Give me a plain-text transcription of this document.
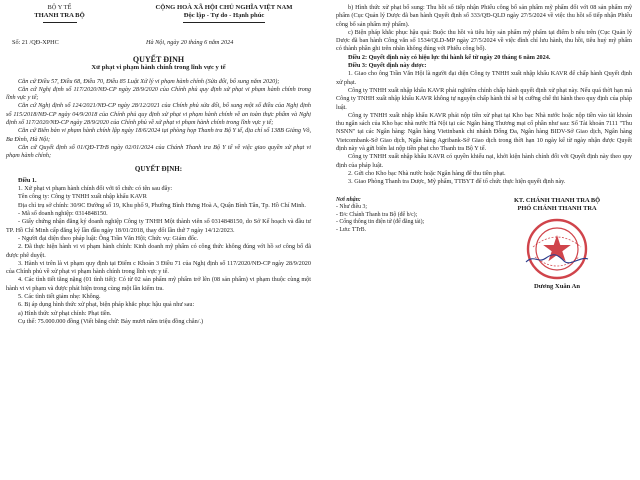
BỘ Y TẾ
THANH TRA BỘ
CỘNG HOÀ XÃ HỘI CHỦ NGHĨA VIỆT NAM
Độc lập - Tự do - Hạnh phúc
Số: 21 /QĐ-XPHC	Hà Nội, ngày 20 tháng 6 năm 2024
QUYẾT ĐỊNH
Xử phạt vi phạm hành chính trong lĩnh vực y tế

Căn cứ Điều 57, Điều 68, Điều 70, Điều 85 Luật Xử lý vi phạm hành chính (Sửa đổi, bổ sung năm 2020);

Căn cứ Nghị định số 117/2020/NĐ-CP ngày 28/9/2020 của Chính phủ quy định xử phạt vi phạm hành chính trong lĩnh vực y tế;

Căn cứ Nghị định số 124/2021/NĐ-CP ngày 28/12/2021 của Chính phủ sửa đổi, bổ sung một số điều của Nghị định số 115/2018/NĐ-CP ngày 04/9/2018 của Chính phủ quy định xử phạt vi phạm hành chính về an toàn thực phẩm và Nghị định số 117/2020/NĐ-CP ngày 28/9/2020 của Chính phủ về xử phạt vi phạm hành chính trong lĩnh vực y tế;

Căn cứ Biên bản vi phạm hành chính lập ngày 18/6/2024 tại phòng họp Thanh tra Bộ Y tế, địa chỉ số 138B Giảng Võ, Ba Đình, Hà Nội;

Căn cứ Quyết định số 01/QĐ-TTrB ngày 02/01/2024 của Chánh Thanh tra Bộ Y tế về việc giao quyền xử phạt vi phạm hành chính;

QUYẾT ĐỊNH:

Điều 1.

1. Xử phạt vi phạm hành chính đối với tổ chức có tên sau đây:

Tên công ty: Công ty TNHH xuất nhập khẩu KAVR

Địa chỉ trụ sở chính: 30/9C Đường số 19, Khu phố 9, Phường Bình Hưng Hoà A, Quận Bình Tân, Tp. Hồ Chí Minh.

- Mã số doanh nghiệp: 0314848150.

- Giấy chứng nhận đăng ký doanh nghiệp Công ty TNHH Một thành viên số 0314848150, do Sở Kế hoạch và đầu tư TP. Hồ Chí Minh cấp đăng ký lần đầu ngày 18/01/2018, thay đổi lần thứ 7 ngày 14/12/2023.

- Người đại diện theo pháp luật: Ông Trần Văn Hội; Chức vụ: Giám đốc.

2. Đã thực hiện hành vi vi phạm hành chính: Kinh doanh mỹ phẩm có công thức không đúng với hồ sơ công bố đã được phê duyệt.

3. Hành vi trên là vi phạm quy định tại Điểm c Khoản 3 Điều 71 của Nghị định số 117/2020/NĐ-CP ngày 28/9/2020 của Chính phủ về xử phạt vi phạm hành chính trong lĩnh vực y tế.

4. Các tình tiết tăng nặng (01 tình tiết): Có từ 02 sản phẩm mỹ phẩm trở lên (08 sản phẩm) vi phạm thuộc cùng một hành vi vi phạm và được phát hiện trong cùng một lần kiểm tra.

5. Các tình tiết giảm nhẹ: Không.

6. Bị áp dụng hình thức xử phạt, biện pháp khắc phục hậu quả như sau:

a) Hình thức xử phạt chính: Phạt tiền.

Cụ thể: 75.000.000 đồng (Viết bằng chữ: Bảy mươi năm triệu đồng chẵn/.)

b) Hình thức xử phạt bổ sung: Thu hồi số tiếp nhận Phiếu công bố sản phẩm mỹ phẩm đối với 08 sản phẩm mỹ phẩm (Cục Quản lý Dược đã ban hành Quyết định số 333/QĐ-QLD ngày 27/5/2024 về việc thu hồi số tiếp nhận Phiếu công bố sản phẩm mỹ phẩm).

c) Biện pháp khắc phục hậu quả: Buộc thu hồi và tiêu hủy sản phẩm mỹ phẩm tại điểm b nêu trên (Cục Quản lý Dược đã ban hành Công văn số 1534/QLD-MP ngày 27/5/2024 về việc đình chỉ lưu hành, thu hồi, tiêu huỷ mỹ phẩm có thành phần ghi trên nhãn không đúng với Phiếu công bố).

Điều 2: Quyết định này có hiệu lực thi hành kể từ ngày 20 tháng 6 năm 2024.

Điều 3: Quyết định này được:

1. Giao cho ông Trần Văn Hội là người đại diện Công ty TNHH xuất nhập khẩu KAVR để chấp hành Quyết định xử phạt.

Công ty TNHH xuất nhập khẩu KAVR phải nghiêm chỉnh chấp hành quyết định xử phạt này. Nếu quá thời hạn mà Công ty TNHH xuất nhập khẩu KAVR không tự nguyện chấp hành thì sẽ bị cưỡng chế thi hành theo quy định của pháp luật.

Công ty TNHH xuất nhập khẩu KAVR phải nộp tiền xử phạt tại Kho bạc Nhà nước hoặc nộp tiền vào tài khoản thu ngân sách của Kho bạc nhà nước Hà Nội tại các Ngân hàng Thương mại cổ phần như sau: Số Tài khoản 7111 "Thu NSNN" tại các Ngân hàng: Ngân hàng Vietinbank chi nhánh Đống Đa, Ngân hàng BIDV-Sở Giao dịch, Ngân hàng Vietcombank-Sở Giao dịch, Ngân hàng Agribank-Sở Giao dịch trong thời hạn 10 ngày kể từ ngày nhận được Quyết định này và gửi biên lai nộp tiền phạt cho Thanh tra Bộ Y tế.

Công ty TNHH xuất nhập khẩu KAVR có quyền khiếu nại, khởi kiện hành chính đối với Quyết định này theo quy định của pháp luật.

2. Gửi cho Kho bạc Nhà nước hoặc Ngân hàng để thu tiền phạt.

3. Giao Phòng Thanh tra Dược, Mỹ phẩm, TTBYT để tổ chức thực hiện quyết định này.

Nơi nhận:
- Như điều 3;
- Đ/c Chánh Thanh tra Bộ (để b/c);
- Cổng thông tin điện tử (để đăng tải);
- Lưu: TTrB.
KT. CHÁNH THANH TRA BỘ
PHÓ CHÁNH THANH TRA
Dương Xuân An
